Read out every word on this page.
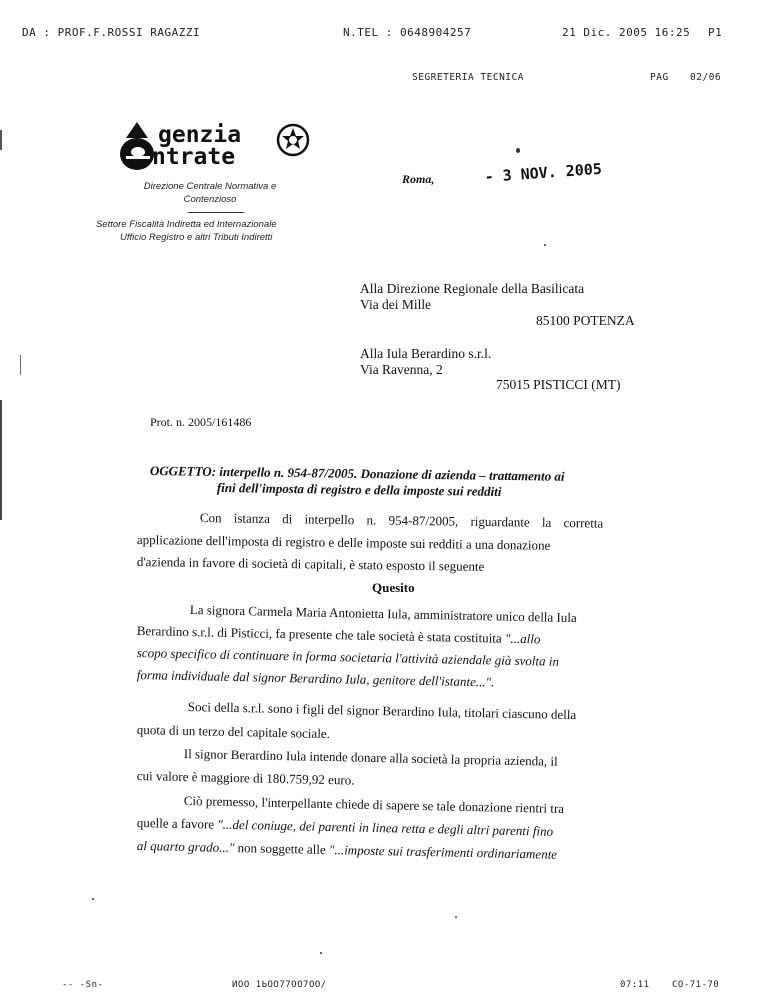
DA : PROF.F.ROSSI RAGAZZI	N.TEL : 0648904257	21 Dic. 2005 16:25 P1
SEGRETERIA TECNICA	PAG 02/06
genzia
ntrate
Direzione Centrale Normativa e
Contenzioso
Settore Fiscalità Indiretta ed Internazionale
Ufficio Registro e altri Tributi Indiretti
Roma,	- 3 NOV. 2005
Alla Direzione Regionale della Basilicata
Via dei Mille
85100 POTENZA
Alla Iula Berardino s.r.l.
Via Ravenna, 2
75015 PISTICCI (MT)
Prot. n. 2005/161486
OGGETTO: interpello n. 954-87/2005. Donazione di azienda – trattamento ai
fini dell'imposta di registro e della imposte sui redditi
Con istanza di interpello n. 954-87/2005, riguardante la corretta
applicazione dell'imposta di registro e delle imposte sui redditi a una donazione
d'azienda in favore di società di capitali, è stato esposto il seguente
Quesito
La signora Carmela Maria Antonietta Iula, amministratore unico della Iula
Berardino s.r.l. di Pisticci, fa presente che tale società è stata costituita "...allo
scopo specifico di continuare in forma societaria l'attività aziendale già svolta in
forma individuale dal signor Berardino Iula, genitore dell'istante...".
Soci della s.r.l. sono i figli del signor Berardino Iula, titolari ciascuno della
quota di un terzo del capitale sociale.
Il signor Berardino Iula intende donare alla società la propria azienda, il
cui valore è maggiore di 180.759,92 euro.
Ciò premesso, l'interpellante chiede di sapere se tale donazione rientri tra
quelle a favore "...del coniuge, dei parenti in linea retta e degli altri parenti fino
al quarto grado..." non soggette alle "...imposte sui trasferimenti ordinariamente
-- -Sn-	ИОО 1ЬОО77ОО7ОО/	07:11 CO-71-70
